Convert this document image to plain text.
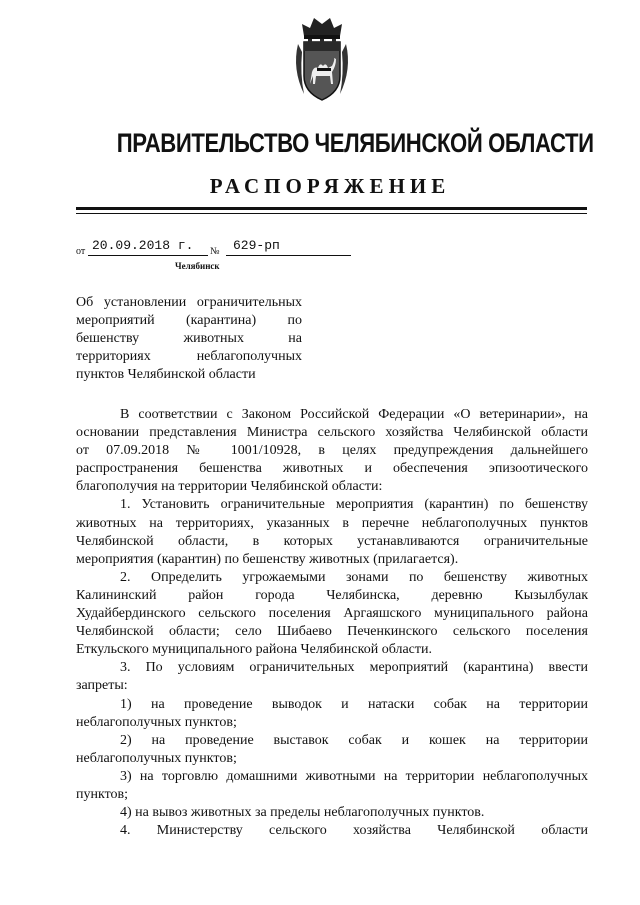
ПРАВИТЕЛЬСТВО ЧЕЛЯБИНСКОЙ ОБЛАСТИ
РАСПОРЯЖЕНИЕ
от 20.09.2018 г. № 629-рп
Челябинск
Об установлении ограничительных
мероприятий (карантина) по
бешенству животных на
территориях неблагополучных
пунктов Челябинской области
В соответствии с Законом Российской Федерации «О ветеринарии», на
основании представления Министра сельского хозяйства Челябинской области
от 07.09.2018 № 1001/10928, в целях предупреждения дальнейшего
распространения бешенства животных и обеспечения эпизоотического
благополучия на территории Челябинской области:
1. Установить ограничительные мероприятия (карантин) по бешенству
животных на территориях, указанных в перечне неблагополучных пунктов
Челябинской области, в которых устанавливаются ограничительные
мероприятия (карантин) по бешенству животных (прилагается).
2. Определить угрожаемыми зонами по бешенству животных
Калининский район города Челябинска, деревню Кызылбулак
Худайбердинского сельского поселения Аргаяшского муниципального района
Челябинской области; село Шибаево Печенкинского сельского поселения
Еткульского муниципального района Челябинской области.
3. По условиям ограничительных мероприятий (карантина) ввести
запреты:
1) на проведение выводок и натаски собак на территории
неблагополучных пунктов;
2) на проведение выставок собак и кошек на территории
неблагополучных пунктов;
3) на торговлю домашними животными на территории неблагополучных
пунктов;
4) на вывоз животных за пределы неблагополучных пунктов.
4. Министерству сельского хозяйства Челябинской области
